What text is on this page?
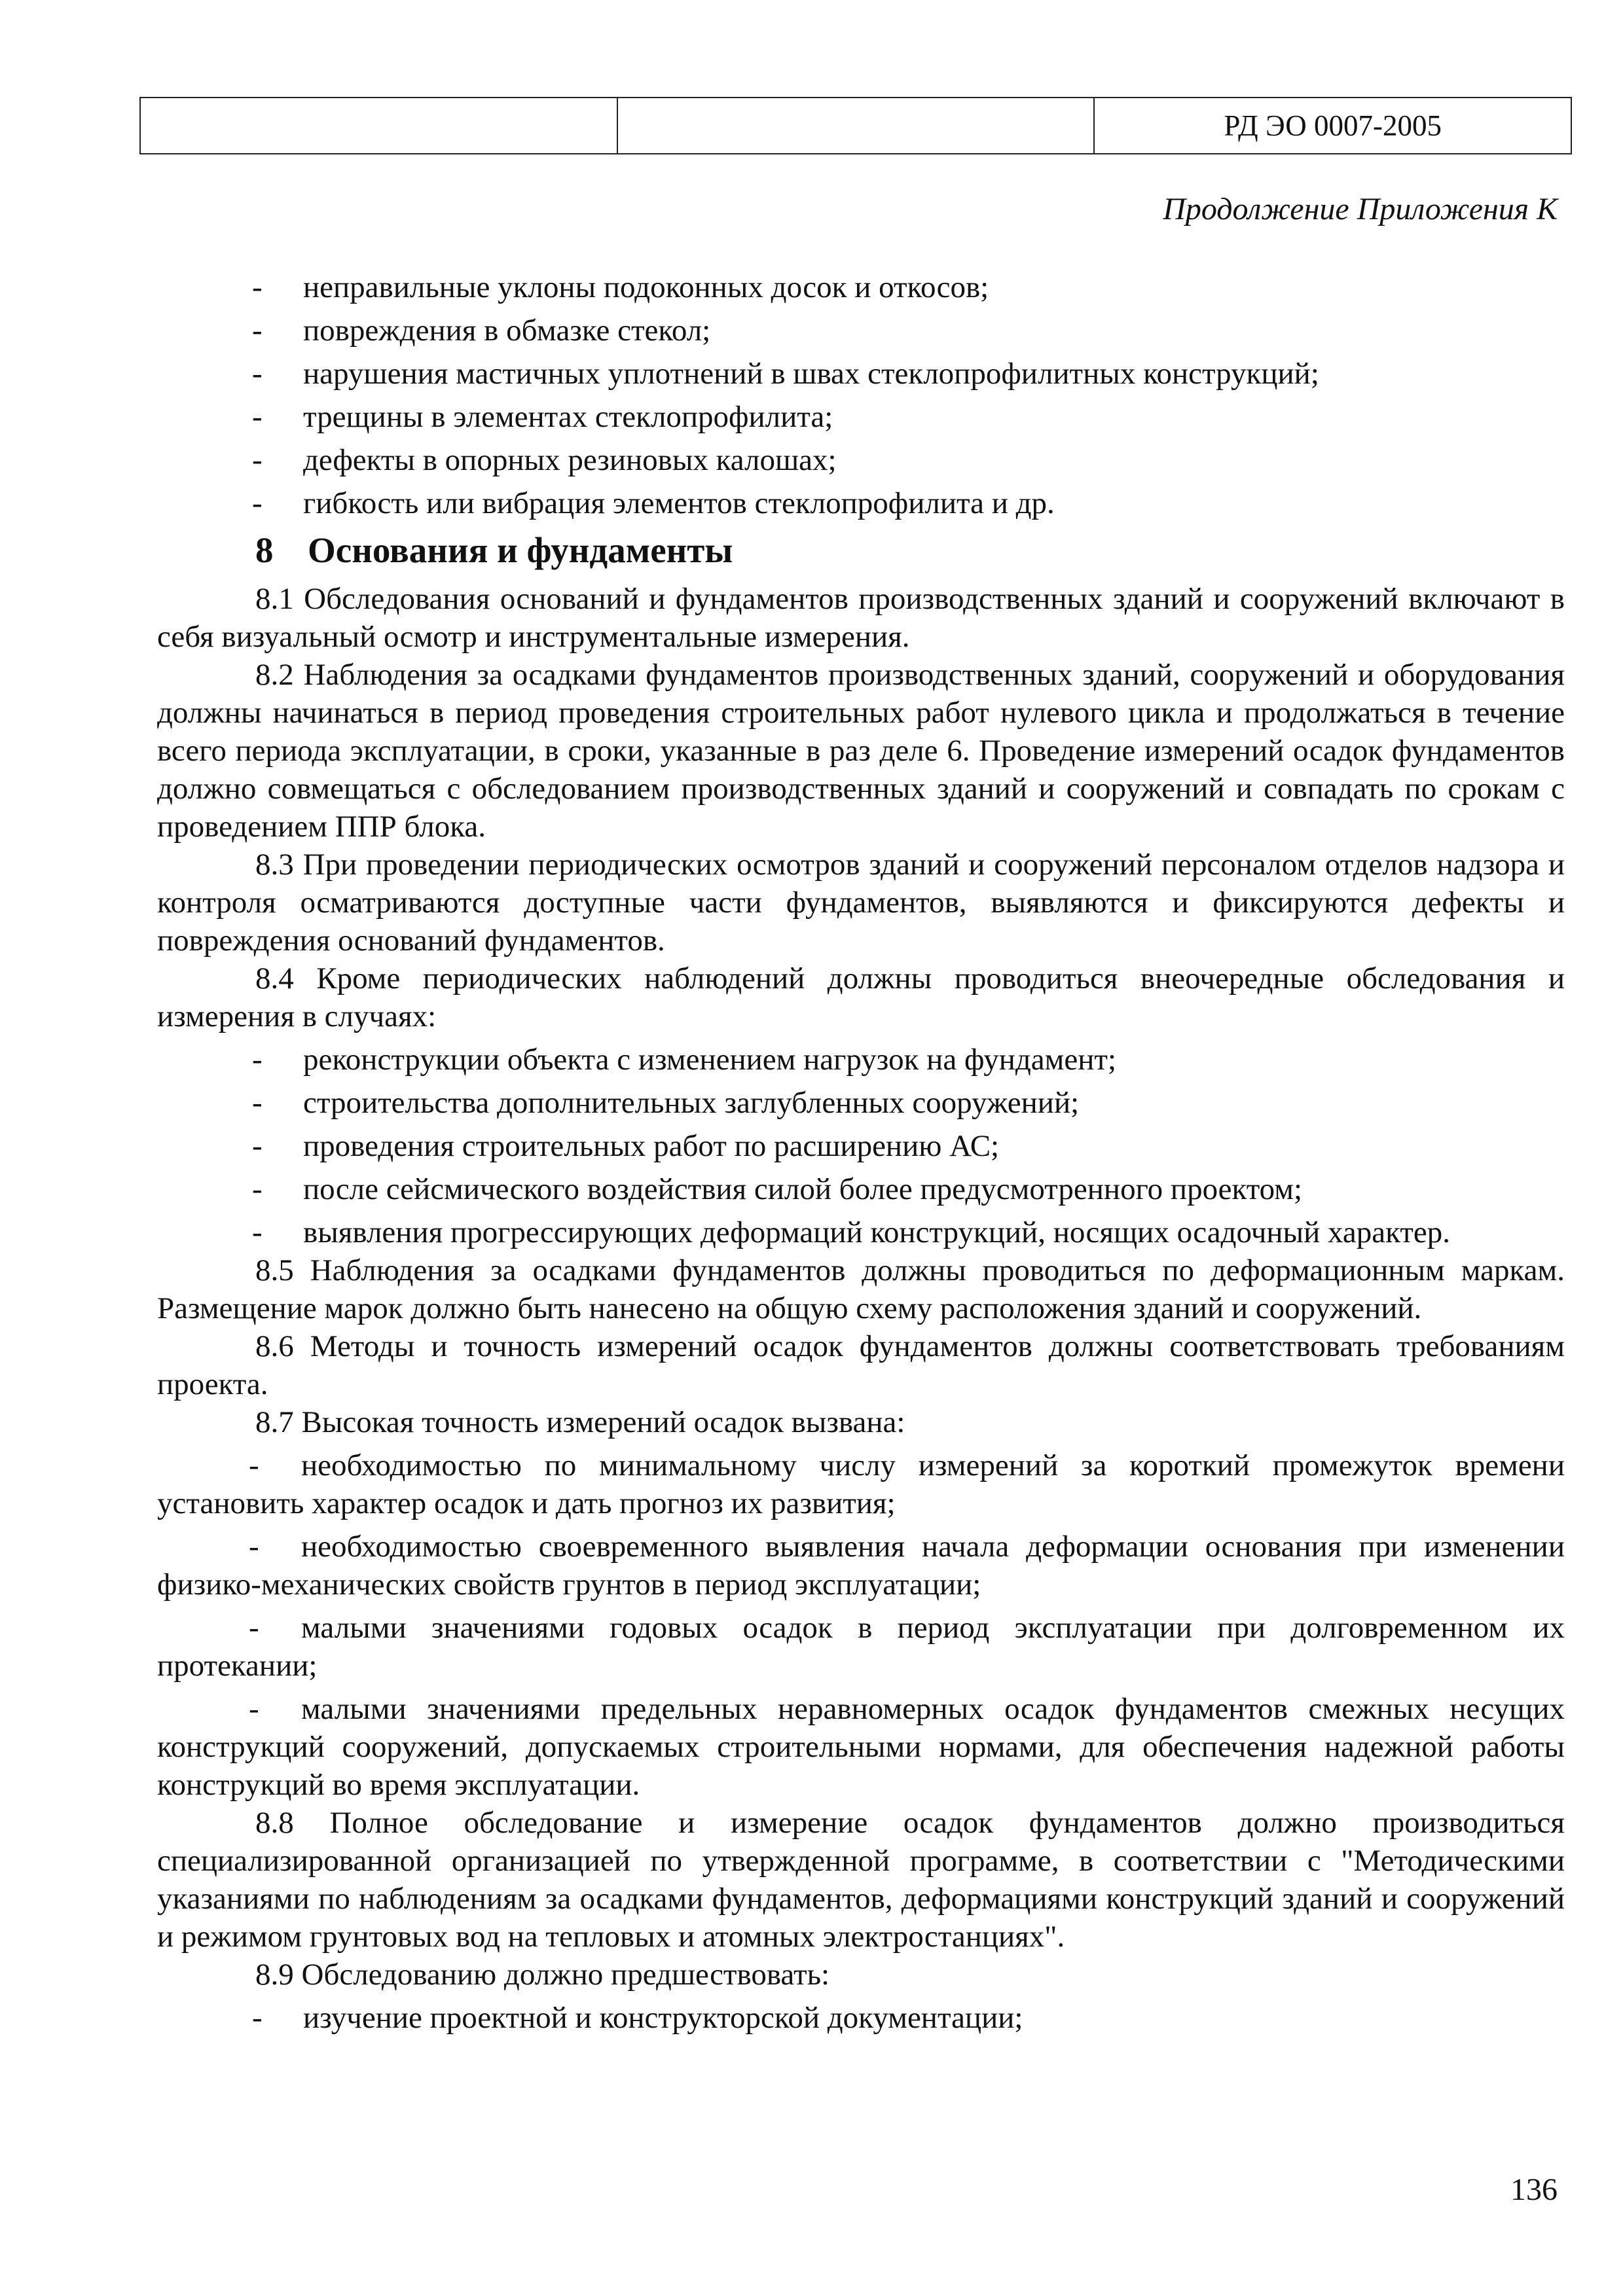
		РД ЭО 0007-2005
Продолжение Приложения К
- неправильные уклоны подоконных досок и откосов;
- повреждения в обмазке стекол;
- нарушения мастичных уплотнений в швах стеклопрофилитных конструкций;
- трещины в элементах стеклопрофилита;
- дефекты в опорных резиновых калошах;
- гибкость или вибрация элементов стеклопрофилита и др.
8 Основания и фундаменты

8.1 Обследования оснований и фундаментов производственных зданий и сооружений включают в себя визуальный осмотр и инструментальные измерения.

8.2 Наблюдения за осадками фундаментов производственных зданий, сооружений и оборудования должны начинаться в период проведения строительных работ нулевого цикла и продолжаться в течение всего периода эксплуатации, в сроки, указанные в раз деле 6. Проведение измерений осадок фундаментов должно совмещаться с обследованием производственных зданий и сооружений и совпадать по срокам с проведением ППР блока.

8.3 При проведении периодических осмотров зданий и сооружений персоналом отделов надзора и контроля осматриваются доступные части фундаментов, выявляются и фиксируются дефекты и повреждения оснований фундаментов.

8.4 Кроме периодических наблюдений должны проводиться внеочередные обследования и измерения в случаях:

- реконструкции объекта с изменением нагрузок на фундамент;
- строительства дополнительных заглубленных сооружений;
- проведения строительных работ по расширению АС;
- после сейсмического воздействия силой более предусмотренного проектом;
- выявления прогрессирующих деформаций конструкций, носящих осадочный характер.

8.5 Наблюдения за осадками фундаментов должны проводиться по деформационным маркам. Размещение марок должно быть нанесено на общую схему расположения зданий и сооружений.

8.6 Методы и точность измерений осадок фундаментов должны соответствовать требованиям проекта.

8.7 Высокая точность измерений осадок вызвана:

- необходимостью по минимальному числу измерений за короткий промежуток времени установить характер осадок и дать прогноз их развития;
- необходимостью своевременного выявления начала деформации основания при изменении физико-механических свойств грунтов в период эксплуатации;
- малыми значениями годовых осадок в период эксплуатации при долговременном их протекании;
- малыми значениями предельных неравномерных осадок фундаментов смежных несущих конструкций сооружений, допускаемых строительными нормами, для обеспечения надежной работы конструкций во время эксплуатации.

8.8 Полное обследование и измерение осадок фундаментов должно производиться специализированной организацией по утвержденной программе, в соответствии с "Методическими указаниями по наблюдениям за осадками фундаментов, деформациями конструкций зданий и сооружений и режимом грунтовых вод на тепловых и атомных электростанциях".

8.9 Обследованию должно предшествовать:

- изучение проектной и конструкторской документации;
136
